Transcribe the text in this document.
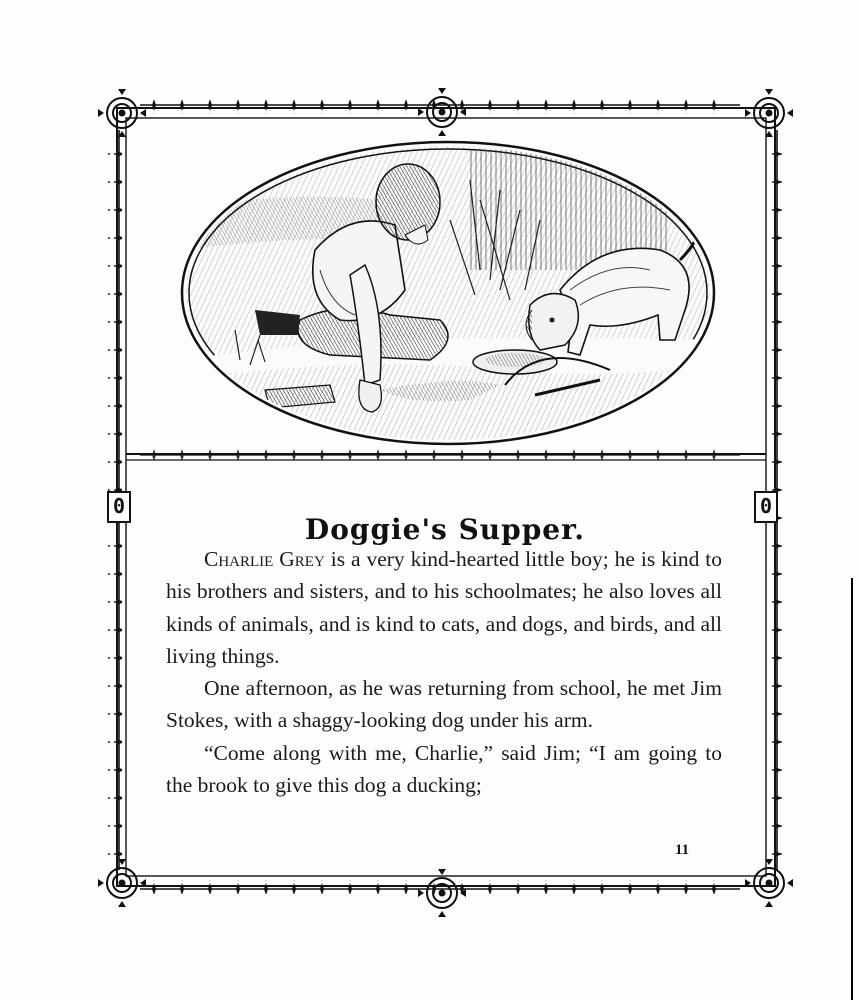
0	0
Doggie's Supper.

Charlie Grey is a very kind-hearted little boy; he is kind to his brothers and sisters, and to his schoolmates; he also loves all kinds of animals, and is kind to cats, and dogs, and birds, and all living things.

One afternoon, as he was returning from school, he met Jim Stokes, with a shaggy-looking dog under his arm.

“Come along with me, Charlie,” said Jim; “I am going to the brook to give this dog a ducking;

11
